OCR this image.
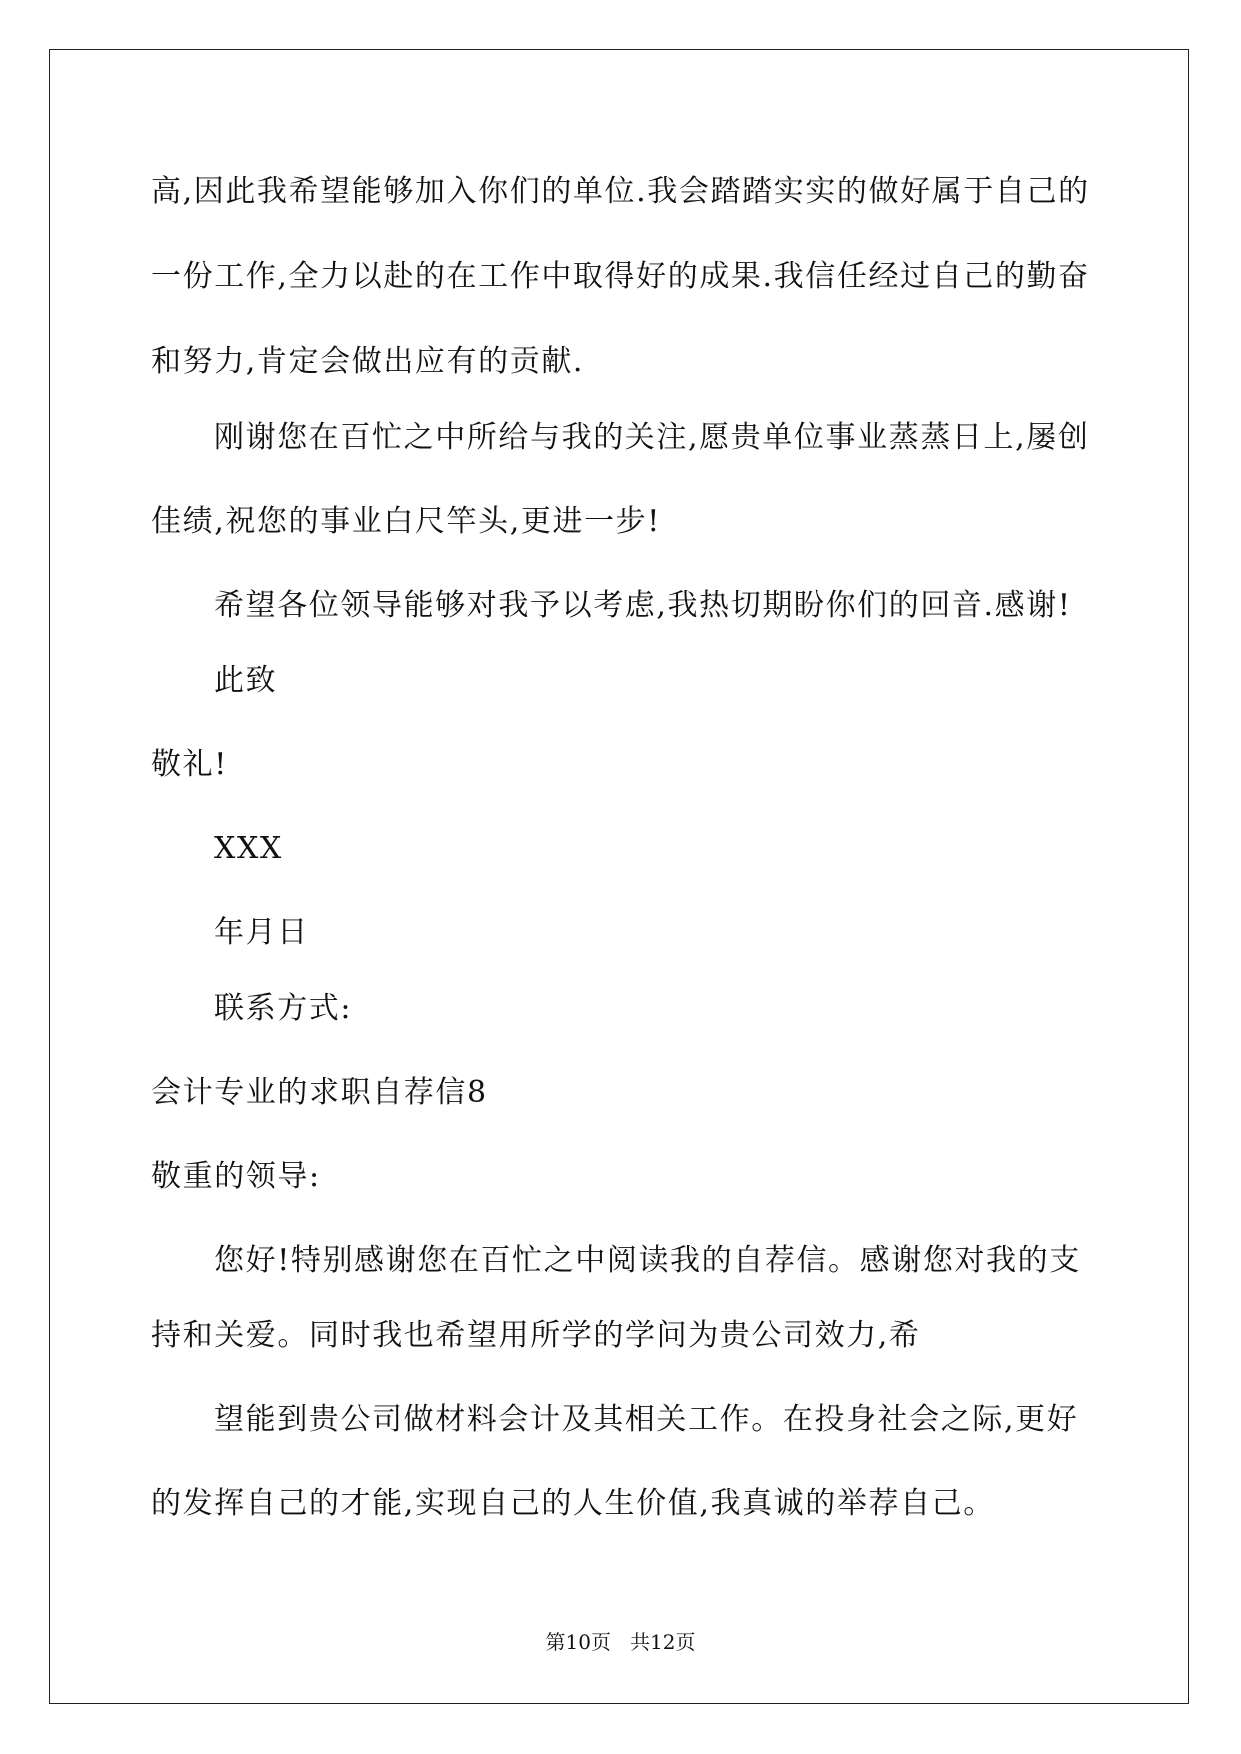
高,因此我希望能够加入你们的单位.我会踏踏实实的做好属于自己的
一份工作,全力以赴的在工作中取得好的成果.我信任经过自己的勤奋
和努力,肯定会做出应有的贡献.
刚谢您在百忙之中所给与我的关注,愿贵单位事业蒸蒸日上,屡创
佳绩,祝您的事业白尺竿头,更进一步!
希望各位领导能够对我予以考虑,我热切期盼你们的回音.感谢!
此致
敬礼!
XXX
年月日
联系方式:
会计专业的求职自荐信8
敬重的领导:
您好!特别感谢您在百忙之中阅读我的自荐信。感谢您对我的支
持和关爱。同时我也希望用所学的学问为贵公司效力,希
望能到贵公司做材料会计及其相关工作。在投身社会之际,更好
的发挥自己的才能,实现自己的人生价值,我真诚的举荐自己。
第10页   共12页
